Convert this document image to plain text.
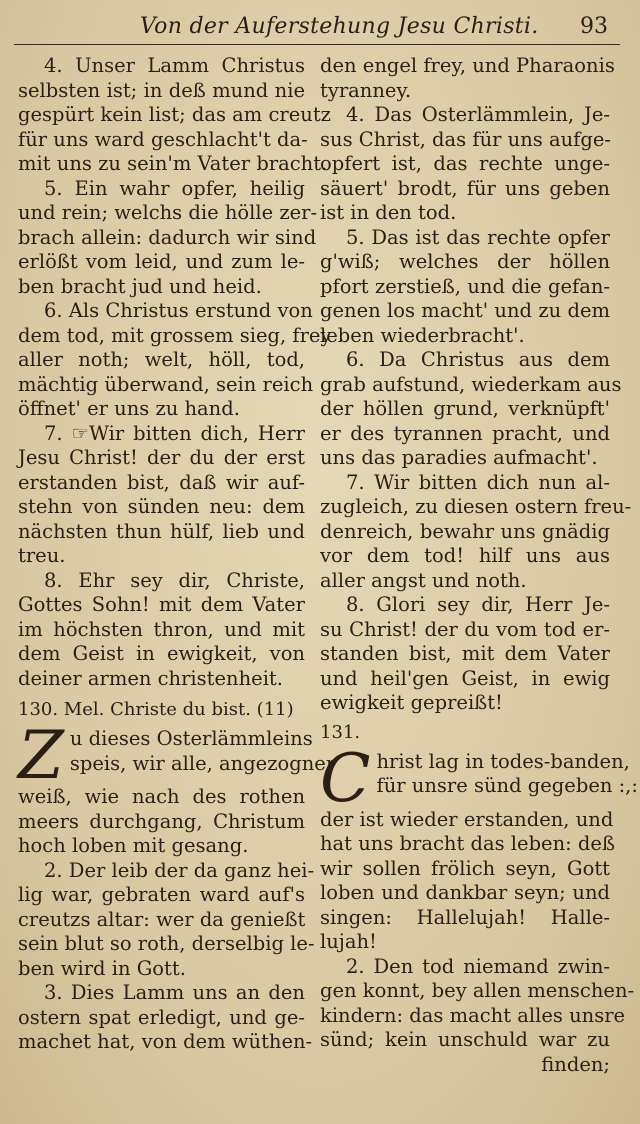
Von der Auferstehung Jesu Christi. 93
4. Unser Lamm Christus
selbsten ist; in deß mund nie
gespürt kein list; das am creutz
für uns ward geschlacht't da-
mit uns zu sein'm Vater bracht.
5. Ein wahr opfer, heilig
und rein; welchs die hölle zer-
brach allein: dadurch wir sind
erlößt vom leid, und zum le-
ben bracht jud und heid.
6. Als Christus erstund von
dem tod, mit grossem sieg, frey
aller noth; welt, höll, tod,
mächtig überwand, sein reich
öffnet' er uns zu hand.
7. ☞Wir bitten dich, Herr
Jesu Christ! der du der erst
erstanden bist, daß wir auf-
stehn von sünden neu: dem
nächsten thun hülf, lieb und
treu.
8. Ehr sey dir, Christe,
Gottes Sohn! mit dem Vater
im höchsten thron, und mit
dem Geist in ewigkeit, von
deiner armen christenheit.
130. Mel. Christe du bist. (11)
Z u dieses Osterlämmleins
speis, wir alle, angezogner
weiß, wie nach des rothen
meers durchgang, Christum
hoch loben mit gesang.
2. Der leib der da ganz hei-
lig war, gebraten ward auf's
creutzs altar: wer da genießt
sein blut so roth, derselbig le-
ben wird in Gott.
3. Dies Lamm uns an den
ostern spat erledigt, und ge-
machet hat, von dem wüthen-
den engel frey, und Pharaonis
tyranney.
4. Das Osterlämmlein, Je-
sus Christ, das für uns aufge-
opfert ist, das rechte unge-
säuert' brodt, für uns geben
ist in den tod.
5. Das ist das rechte opfer
g'wiß; welches der höllen
pfort zerstieß, und die gefan-
genen los macht' und zu dem
leben wiederbracht'.
6. Da Christus aus dem
grab aufstund, wiederkam aus
der höllen grund, verknüpft'
er des tyrannen pracht, und
uns das paradies aufmacht'.
7. Wir bitten dich nun al-
zugleich, zu diesen ostern freu-
denreich, bewahr uns gnädig
vor dem tod! hilf uns aus
aller angst und noth.
8. Glori sey dir, Herr Je-
su Christ! der du vom tod er-
standen bist, mit dem Vater
und heil'gen Geist, in ewig
ewigkeit gepreißt!
131.
C hrist lag in todes-banden,
für unsre sünd gegeben :,:
der ist wieder erstanden, und
hat uns bracht das leben: deß
wir sollen frölich seyn, Gott
loben und dankbar seyn; und
singen: Hallelujah! Halle-
lujah!
2. Den tod niemand zwin-
gen konnt, bey allen menschen-
kindern: das macht alles unsre
sünd; kein unschuld war zu
finden;
